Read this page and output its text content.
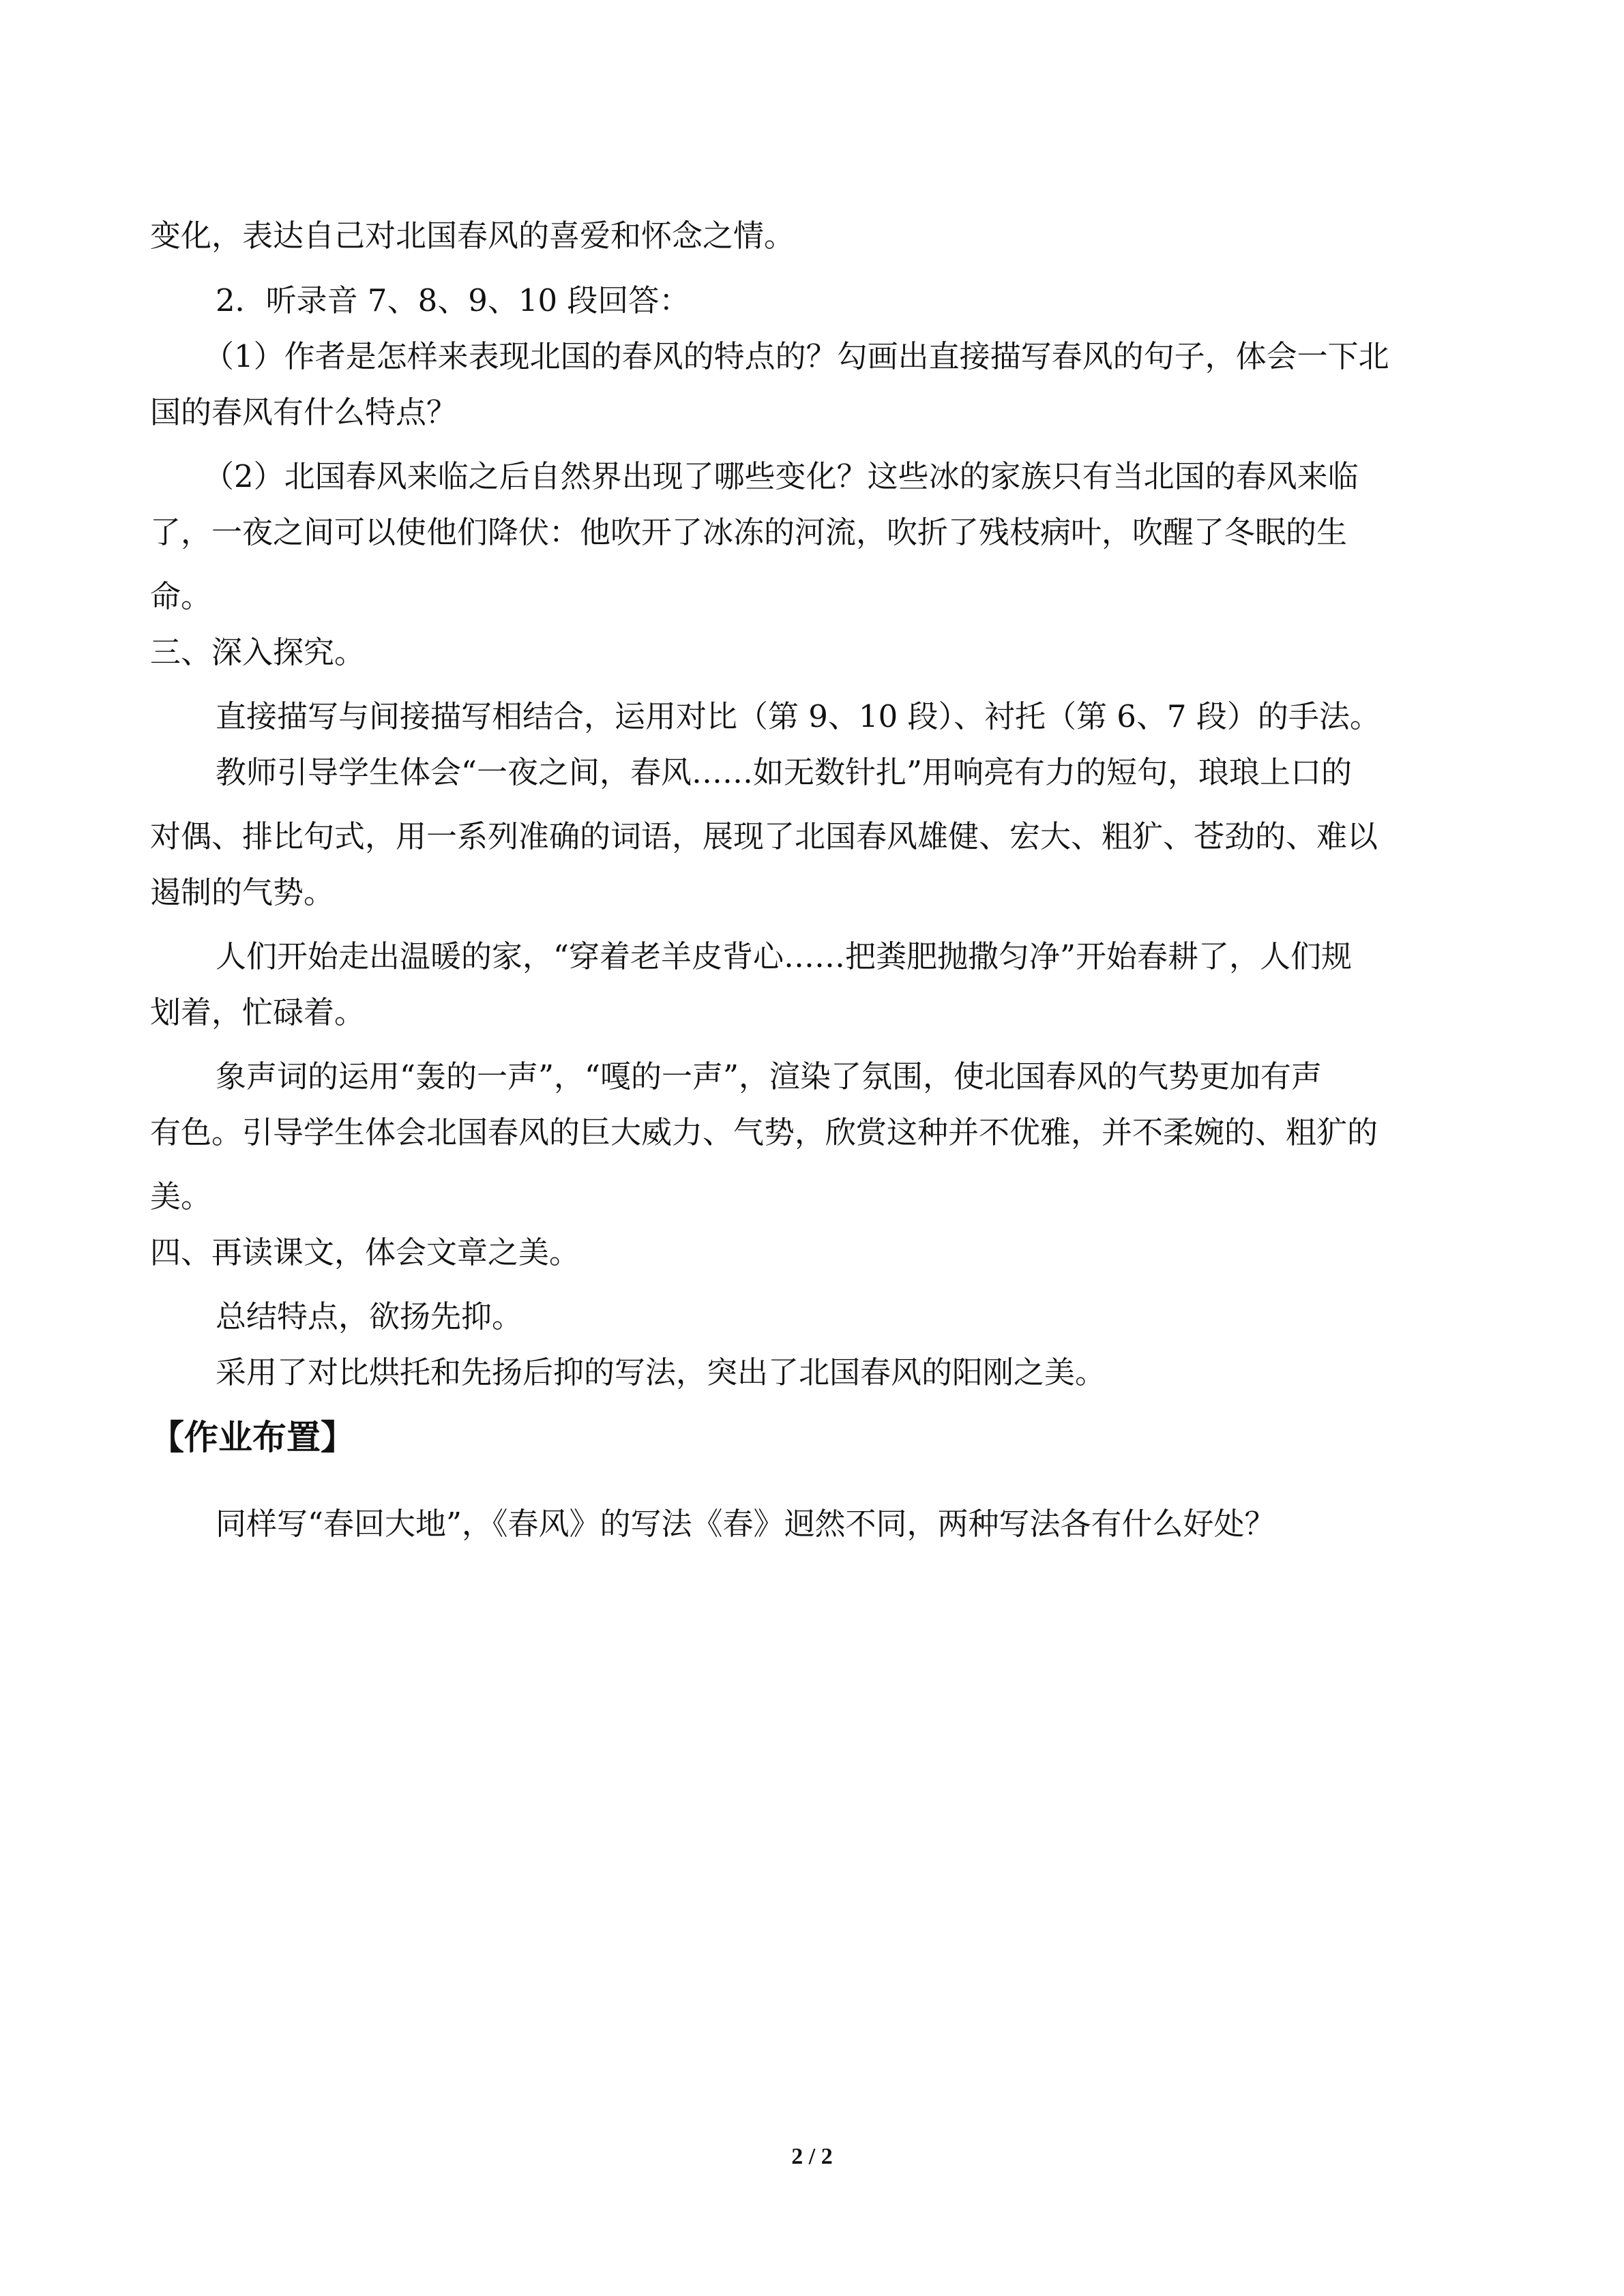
变化，表达自己对北国春风的喜爱和怀念之情。
2．听录音 7、8、9、10 段回答：
（1）作者是怎样来表现北国的春风的特点的？勾画出直接描写春风的句子，体会一下北
国的春风有什么特点？
（2）北国春风来临之后自然界出现了哪些变化？这些冰的家族只有当北国的春风来临
了，一夜之间可以使他们降伏：他吹开了冰冻的河流，吹折了残枝病叶，吹醒了冬眠的生
命。
三、深入探究。
直接描写与间接描写相结合，运用对比（第 9、10 段）、衬托（第 6、7 段）的手法。
教师引导学生体会“一夜之间，春风……如无数针扎”用响亮有力的短句，琅琅上口的
对偶、排比句式，用一系列准确的词语，展现了北国春风雄健、宏大、粗犷、苍劲的、难以
遏制的气势。
人们开始走出温暖的家，“穿着老羊皮背心……把粪肥抛撒匀净”开始春耕了，人们规
划着，忙碌着。
象声词的运用“轰的一声”，“嘎的一声”，渲染了氛围，使北国春风的气势更加有声
有色。引导学生体会北国春风的巨大威力、气势，欣赏这种并不优雅，并不柔婉的、粗犷的
美。
四、再读课文，体会文章之美。
总结特点，欲扬先抑。
采用了对比烘托和先扬后抑的写法，突出了北国春风的阳刚之美。
【作业布置】
同样写“春回大地”，《春风》的写法《春》迥然不同，两种写法各有什么好处？
2 / 2
